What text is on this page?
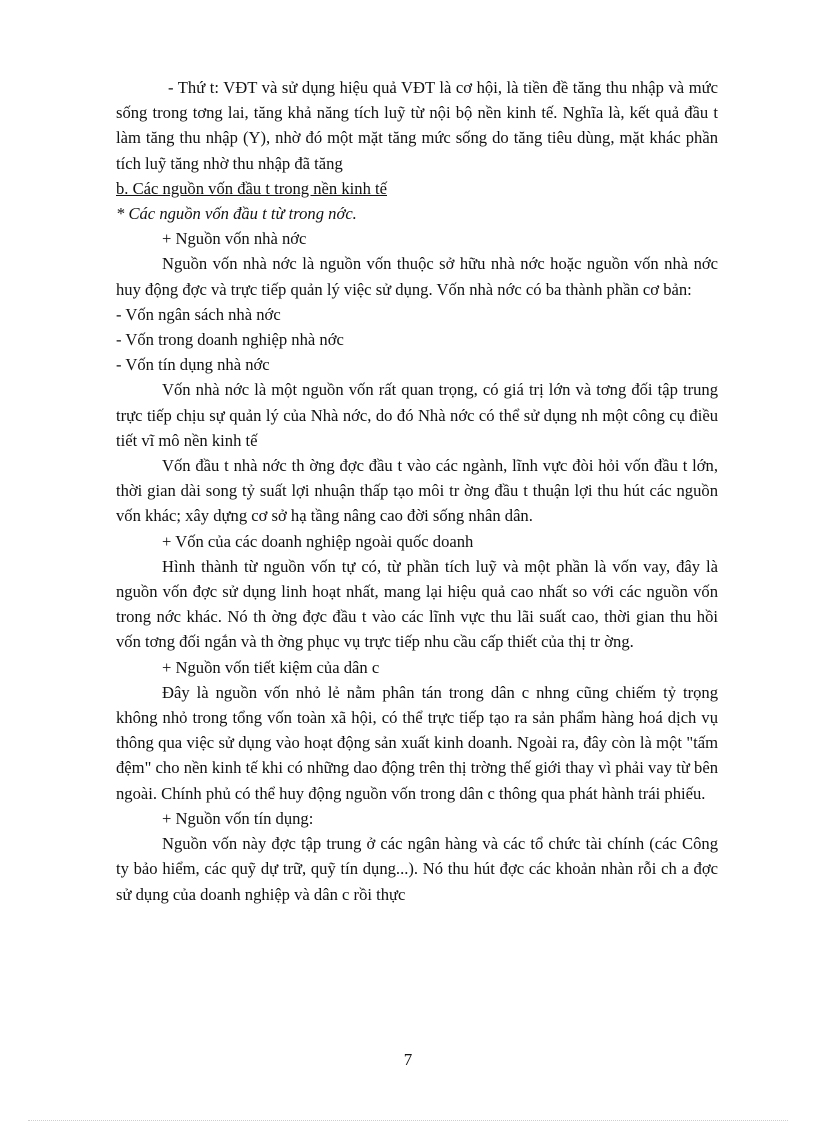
- Thứ t: VĐT và sử dụng hiệu quả VĐT là cơ hội, là tiền đề tăng thu nhập và mức sống trong tơng lai, tăng khả năng tích luỹ từ nội bộ nền kinh tế. Nghĩa là, kết quả đầu t làm tăng thu nhập (Y), nhờ đó một mặt tăng mức sống do tăng tiêu dùng, mặt khác phần tích luỹ tăng nhờ thu nhập đã tăng

b. Các nguồn vốn đầu t trong nền kinh tế

* Các nguồn vốn đầu t từ trong nớc.

+ Nguồn vốn nhà nớc

Nguồn vốn nhà nớc là nguồn vốn thuộc sở hữu nhà nớc hoặc nguồn vốn nhà nớc huy động đợc và trực tiếp quản lý việc sử dụng. Vốn nhà nớc có ba thành phần cơ bản:

- Vốn ngân sách nhà nớc

- Vốn trong doanh nghiệp nhà nớc

- Vốn tín dụng nhà nớc

Vốn nhà nớc là một nguồn vốn rất quan trọng, có giá trị lớn và tơng đối tập trung trực tiếp chịu sự quản lý của Nhà nớc, do đó Nhà nớc có thể sử dụng nh một công cụ điều tiết vĩ mô nền kinh tế

Vốn đầu t nhà nớc th ờng đợc đầu t vào các ngành, lĩnh vực đòi hỏi vốn đầu t lớn, thời gian dài song tỷ suất lợi nhuận thấp tạo môi tr ờng đầu t thuận lợi thu hút các nguồn vốn khác; xây dựng cơ sở hạ tầng nâng cao đời sống nhân dân.

+ Vốn của các doanh nghiệp ngoài quốc doanh

Hình thành từ nguồn vốn tự có, từ phần tích luỹ và một phần là vốn vay, đây là nguồn vốn đợc sử dụng linh hoạt nhất, mang lại hiệu quả cao nhất so với các nguồn vốn trong nớc khác. Nó th ờng đợc đầu t vào các lĩnh vực thu lãi suất cao, thời gian thu hồi vốn tơng đối ngắn và th ờng phục vụ trực tiếp nhu cầu cấp thiết của thị tr ờng.

+ Nguồn vốn tiết kiệm của dân c

Đây là nguồn vốn nhỏ lẻ nằm phân tán trong dân c nhng cũng chiếm tỷ trọng không nhỏ trong tổng vốn toàn xã hội, có thể trực tiếp tạo ra sản phẩm hàng hoá dịch vụ thông qua việc sử dụng vào hoạt động sản xuất kinh doanh. Ngoài ra, đây còn là một "tấm đệm" cho nền kinh tế khi có những dao động trên thị trờng thế giới thay vì phải vay từ bên ngoài. Chính phủ có thể huy động nguồn vốn trong dân c thông qua phát hành trái phiếu.

+ Nguồn vốn tín dụng:

Nguồn vốn này đợc tập trung ở các ngân hàng và các tổ chức tài chính (các Công ty bảo hiểm, các quỹ dự trữ, quỹ tín dụng...). Nó thu hút đợc các khoản nhàn rỗi ch a đợc sử dụng của doanh nghiệp và dân c rồi thực

7
